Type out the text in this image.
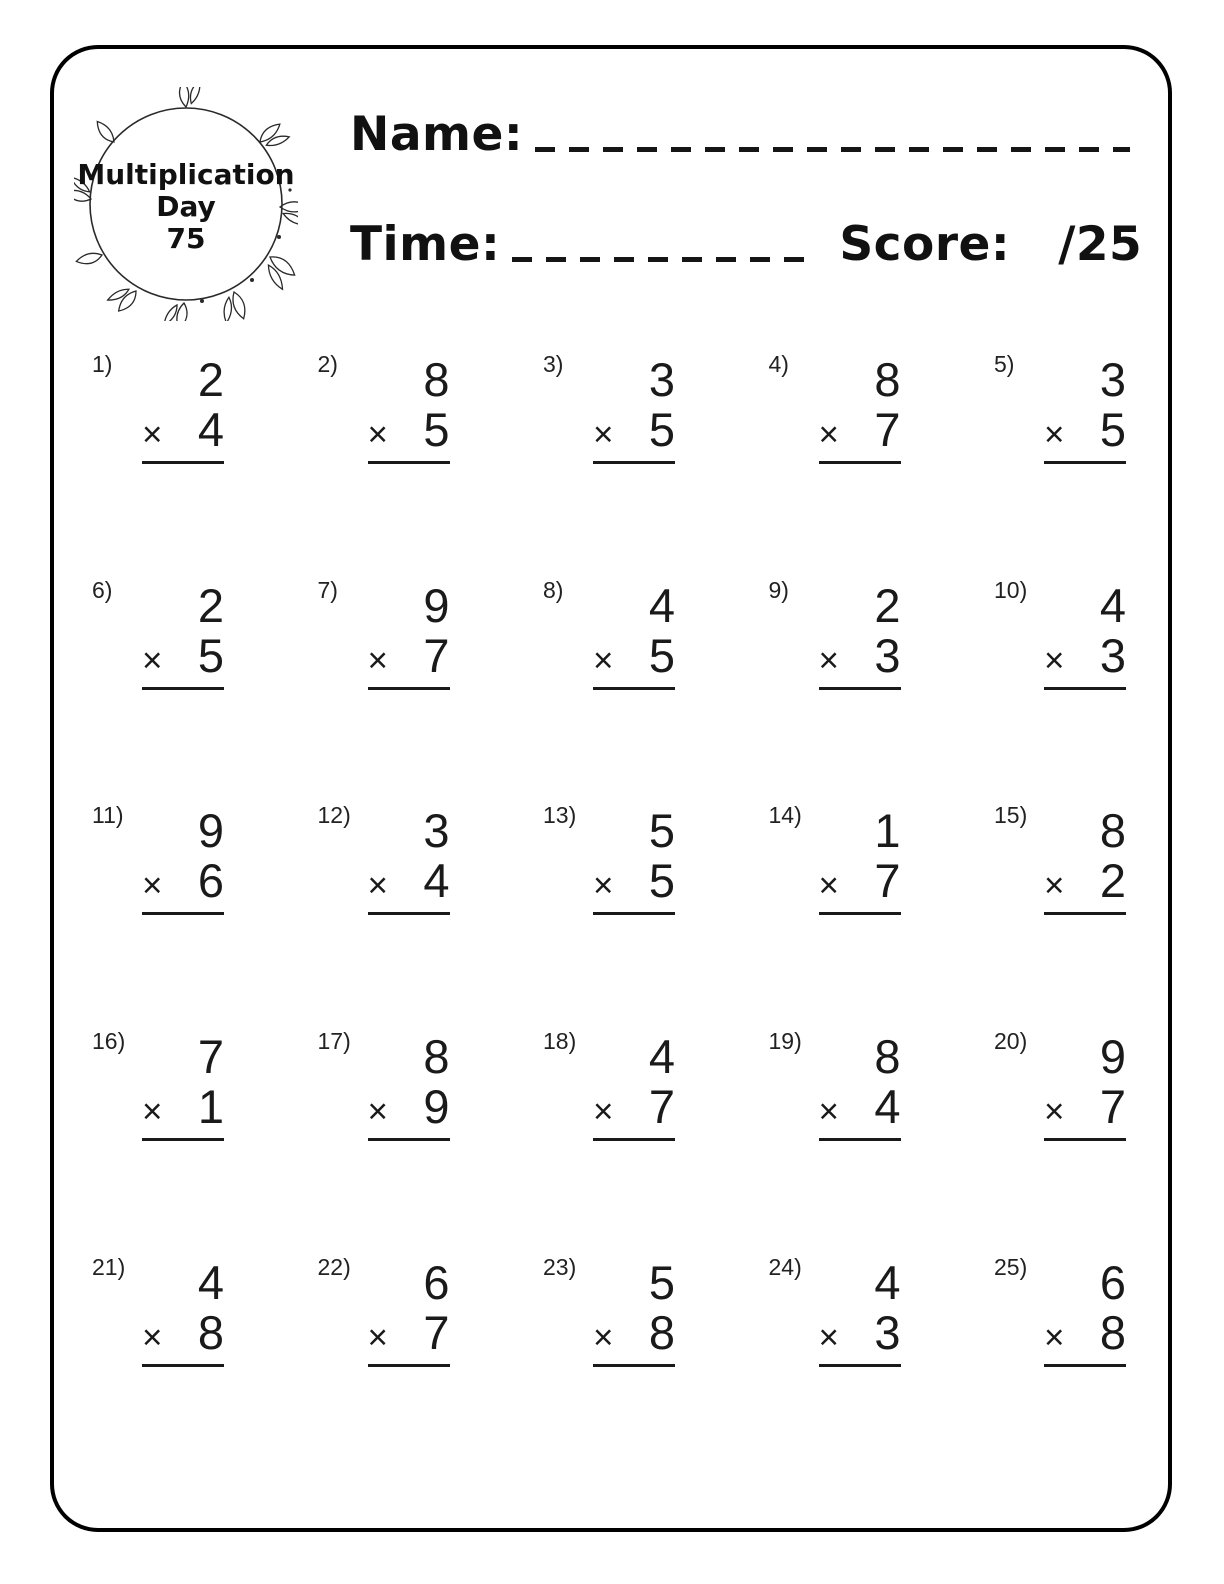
Multiplication
Day
75
Name:
Time:	Score: /25
1)	2
× 4
2)	8
× 5
3)	3
× 5
4)	8
× 7
5)	3
× 5
6)	2
× 5
7)	9
× 7
8)	4
× 5
9)	2
× 3
10)	4
× 3
11)	9
× 6
12)	3
× 4
13)	5
× 5
14)	1
× 7
15)	8
× 2
16)	7
× 1
17)	8
× 9
18)	4
× 7
19)	8
× 4
20)	9
× 7
21)	4
× 8
22)	6
× 7
23)	5
× 8
24)	4
× 3
25)	6
× 8
